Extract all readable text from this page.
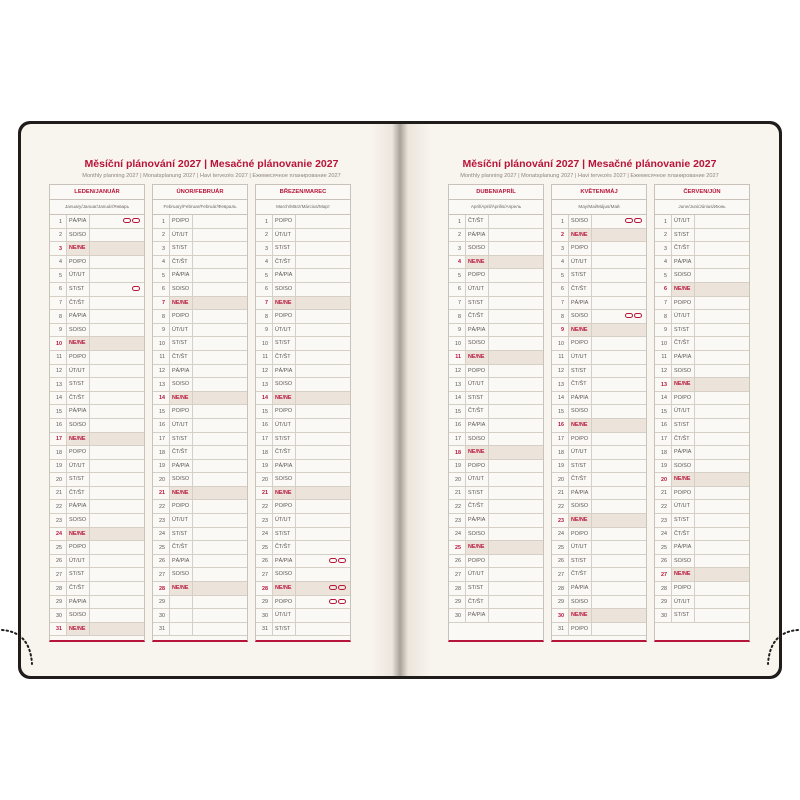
Měsíční plánování 2027 | Mesačné plánovanie 2027
Monthly planning 2027 | Monatsplanung 2027 | Havi tervezés 2027 | Ежемесячное планирование 2027
LEDEN/JANUÁR
January/Januar/Január/Январь
1	PÁ/PIA
2	SO/SO
3	NE/NE
4	PO/PO
5	ÚT/UT
6	ST/ST
7	ČT/ŠT
8	PÁ/PIA
9	SO/SO
10	NE/NE
11	PO/PO
12	ÚT/UT
13	ST/ST
14	ČT/ŠT
15	PÁ/PIA
16	SO/SO
17	NE/NE
18	PO/PO
19	ÚT/UT
20	ST/ST
21	ČT/ŠT
22	PÁ/PIA
23	SO/SO
24	NE/NE
25	PO/PO
26	ÚT/UT
27	ST/ST
28	ČT/ŠT
29	PÁ/PIA
30	SO/SO
31	NE/NE
ÚNOR/FEBRUÁR
February/Februar/Február/Февраль
1	PO/PO
2	ÚT/UT
3	ST/ST
4	ČT/ŠT
5	PÁ/PIA
6	SO/SO
7	NE/NE
8	PO/PO
9	ÚT/UT
10	ST/ST
11	ČT/ŠT
12	PÁ/PIA
13	SO/SO
14	NE/NE
15	PO/PO
16	ÚT/UT
17	ST/ST
18	ČT/ŠT
19	PÁ/PIA
20	SO/SO
21	NE/NE
22	PO/PO
23	ÚT/UT
24	ST/ST
25	ČT/ŠT
26	PÁ/PIA
27	SO/SO
28	NE/NE
29
30
31
BŘEZEN/MAREC
March/März/Március/Март
1	PO/PO
2	ÚT/UT
3	ST/ST
4	ČT/ŠT
5	PÁ/PIA
6	SO/SO
7	NE/NE
8	PO/PO
9	ÚT/UT
10	ST/ST
11	ČT/ŠT
12	PÁ/PIA
13	SO/SO
14	NE/NE
15	PO/PO
16	ÚT/UT
17	ST/ST
18	ČT/ŠT
19	PÁ/PIA
20	SO/SO
21	NE/NE
22	PO/PO
23	ÚT/UT
24	ST/ST
25	ČT/ŠT
26	PÁ/PIA
27	SO/SO
28	NE/NE
29	PO/PO
30	ÚT/UT
31	ST/ST
Měsíční plánování 2027 | Mesačné plánovanie 2027
Monthly planning 2027 | Monatsplanung 2027 | Havi tervezés 2027 | Ежемесячное планирование 2027
DUBEN/APRÍL
April/April/Április/Апрель
1	ČT/ŠT
2	PÁ/PIA
3	SO/SO
4	NE/NE
5	PO/PO
6	ÚT/UT
7	ST/ST
8	ČT/ŠT
9	PÁ/PIA
10	SO/SO
11	NE/NE
12	PO/PO
13	ÚT/UT
14	ST/ST
15	ČT/ŠT
16	PÁ/PIA
17	SO/SO
18	NE/NE
19	PO/PO
20	ÚT/UT
21	ST/ST
22	ČT/ŠT
23	PÁ/PIA
24	SO/SO
25	NE/NE
26	PO/PO
27	ÚT/UT
28	ST/ST
29	ČT/ŠT
30	PÁ/PIA
KVĚTEN/MÁJ
May/Mai/Május/Май
1	SO/SO
2	NE/NE
3	PO/PO
4	ÚT/UT
5	ST/ST
6	ČT/ŠT
7	PÁ/PIA
8	SO/SO
9	NE/NE
10	PO/PO
11	ÚT/UT
12	ST/ST
13	ČT/ŠT
14	PÁ/PIA
15	SO/SO
16	NE/NE
17	PO/PO
18	ÚT/UT
19	ST/ST
20	ČT/ŠT
21	PÁ/PIA
22	SO/SO
23	NE/NE
24	PO/PO
25	ÚT/UT
26	ST/ST
27	ČT/ŠT
28	PÁ/PIA
29	SO/SO
30	NE/NE
31	PO/PO
ČERVEN/JÚN
June/Juni/Június/Июнь
1	ÚT/UT
2	ST/ST
3	ČT/ŠT
4	PÁ/PIA
5	SO/SO
6	NE/NE
7	PO/PO
8	ÚT/UT
9	ST/ST
10	ČT/ŠT
11	PÁ/PIA
12	SO/SO
13	NE/NE
14	PO/PO
15	ÚT/UT
16	ST/ST
17	ČT/ŠT
18	PÁ/PIA
19	SO/SO
20	NE/NE
21	PO/PO
22	ÚT/UT
23	ST/ST
24	ČT/ŠT
25	PÁ/PIA
26	SO/SO
27	NE/NE
28	PO/PO
29	ÚT/UT
30	ST/ST
